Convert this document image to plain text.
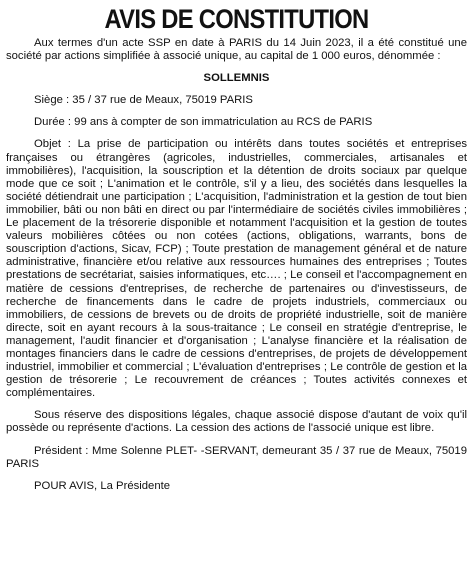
AVIS DE CONSTITUTION

Aux termes d'un acte SSP en date à PARIS du 14 Juin 2023, il a été constitué une société par actions simplifiée à associé unique, au capital de 1 000 euros, dénommée :

SOLLEMNIS

Siège : 35 / 37 rue de Meaux, 75019 PARIS

Durée : 99 ans à compter de son immatriculation au RCS de PARIS

Objet : La prise de participation ou intérêts dans toutes sociétés et entreprises françaises ou étrangères (agricoles, industrielles, commerciales, artisanales et immobilières), l'acquisition, la souscription et la détention de droits sociaux par quelque mode que ce soit ; L'animation et le contrôle, s'il y a lieu, des sociétés dans lesquelles la société détiendrait une participation ; L'acquisition, l'administration et la gestion de tout bien immobilier, bâti ou non bâti en direct ou par l'intermédiaire de sociétés civiles immobilières ; Le placement de la trésorerie disponible et notamment l'acquisition et la gestion de toutes valeurs mobilières côtées ou non cotées (actions, obligations, warrants, bons de souscription d'actions, Sicav, FCP) ; Toute prestation de management général et de nature administrative, financière et/ou relative aux ressources humaines des entreprises ; Toutes prestations de secrétariat, saisies informatiques, etc…. ; Le conseil et l'accompagnement en matière de cessions d'entreprises, de recherche de partenaires ou d'investisseurs, de recherche de financements dans le cadre de projets industriels, commerciaux ou immobiliers, de cessions de brevets ou de droits de propriété industrielle, soit de manière directe, soit en ayant recours à la sous-traitance ; Le conseil en stratégie d'entreprise, le management, l'audit financier et d'organisation ; L'analyse financière et la réalisation de montages financiers dans le cadre de cessions d'entreprises, de projets de développement industriel, immobilier et commercial ; L'évaluation d'entreprises ; Le contrôle de gestion et la gestion de trésorerie ; Le recouvrement de créances ; Toutes activités connexes et complémentaires.

Sous réserve des dispositions légales, chaque associé dispose d'autant de voix qu'il possède ou représente d'actions. La cession des actions de l'associé unique est libre.

Président : Mme Solenne PLET- -SERVANT, demeurant 35 / 37 rue de Meaux, 75019 PARIS

POUR AVIS, La Présidente
